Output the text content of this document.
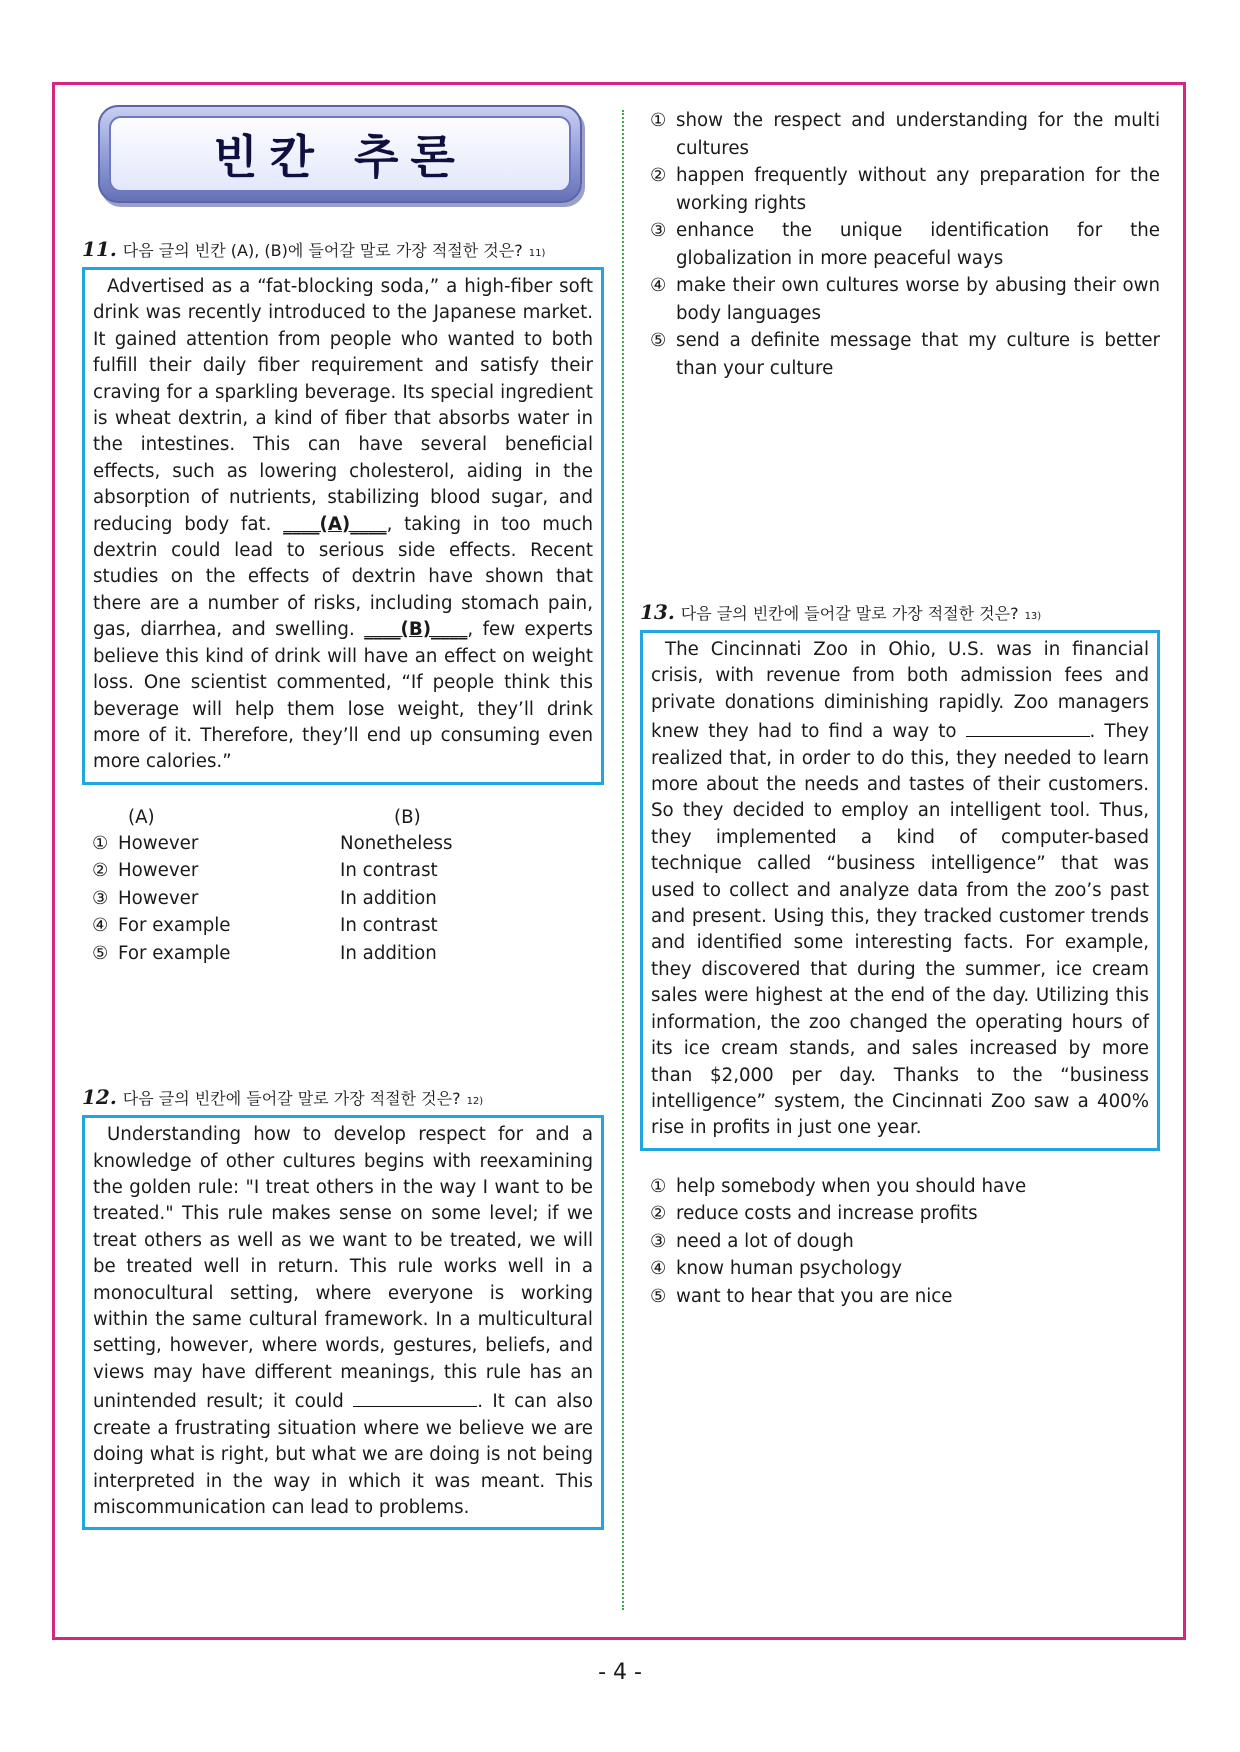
빈칸 추론
11. 다음 글의 빈칸 (A), (B)에 들어갈 말로 가장 적절한 것은? 11)
Advertised as a “fat-blocking soda,” a high-fiber soft drink was recently introduced to the Japanese market. It gained attention from people who wanted to both fulfill their daily fiber requirement and satisfy their craving for a sparkling beverage. Its special ingredient is wheat dextrin, a kind of fiber that absorbs water in the intestines. This can have several beneficial effects, such as lowering cholesterol, aiding in the absorption of nutrients, stabilizing blood sugar, and reducing body fat. ____(A)____, taking in too much dextrin could lead to serious side effects. Recent studies on the effects of dextrin have shown that there are a number of risks, including stomach pain, gas, diarrhea, and swelling. ____(B)____, few experts believe this kind of drink will have an effect on weight loss. One scientist commented, “If people think this beverage will help them lose weight, they’ll drink more of it. Therefore, they’ll end up consuming even more calories.”
(A)	(B)
① However	Nonetheless
② However	In contrast
③ However	In addition
④ For example	In contrast
⑤ For example	In addition
12. 다음 글의 빈칸에 들어갈 말로 가장 적절한 것은? 12)
Understanding how to develop respect for and a knowledge of other cultures begins with reexamining the golden rule: "I treat others in the way I want to be treated." This rule makes sense on some level; if we treat others as well as we want to be treated, we will be treated well in return. This rule works well in a monocultural setting, where everyone is working within the same cultural framework. In a multicultural setting, however, where words, gestures, beliefs, and views may have different meanings, this rule has an unintended result; it could	. It can also create a frustrating situation where we believe we are doing what is right, but what we are doing is not being interpreted in the way in which it was meant. This miscommunication can lead to problems.
① show the respect and understanding for the multi cultures
② happen frequently without any preparation for the working rights
③ enhance the unique identification for the globalization in more peaceful ways
④ make their own cultures worse by abusing their own body languages
⑤ send a definite message that my culture is better than your culture
13. 다음 글의 빈칸에 들어갈 말로 가장 적절한 것은? 13)
The Cincinnati Zoo in Ohio, U.S. was in financial crisis, with revenue from both admission fees and private donations diminishing rapidly. Zoo managers knew they had to find a way to	. They realized that, in order to do this, they needed to learn more about the needs and tastes of their customers. So they decided to employ an intelligent tool. Thus, they implemented a kind of computer-based technique called “business intelligence” that was used to collect and analyze data from the zoo’s past and present. Using this, they tracked customer trends and identified some interesting facts. For example, they discovered that during the summer, ice cream sales were highest at the end of the day. Utilizing this information, the zoo changed the operating hours of its ice cream stands, and sales increased by more than $2,000 per day. Thanks to the “business intelligence” system, the Cincinnati Zoo saw a 400% rise in profits in just one year.
① help somebody when you should have
② reduce costs and increase profits
③ need a lot of dough
④ know human psychology
⑤ want to hear that you are nice
- 4 -
